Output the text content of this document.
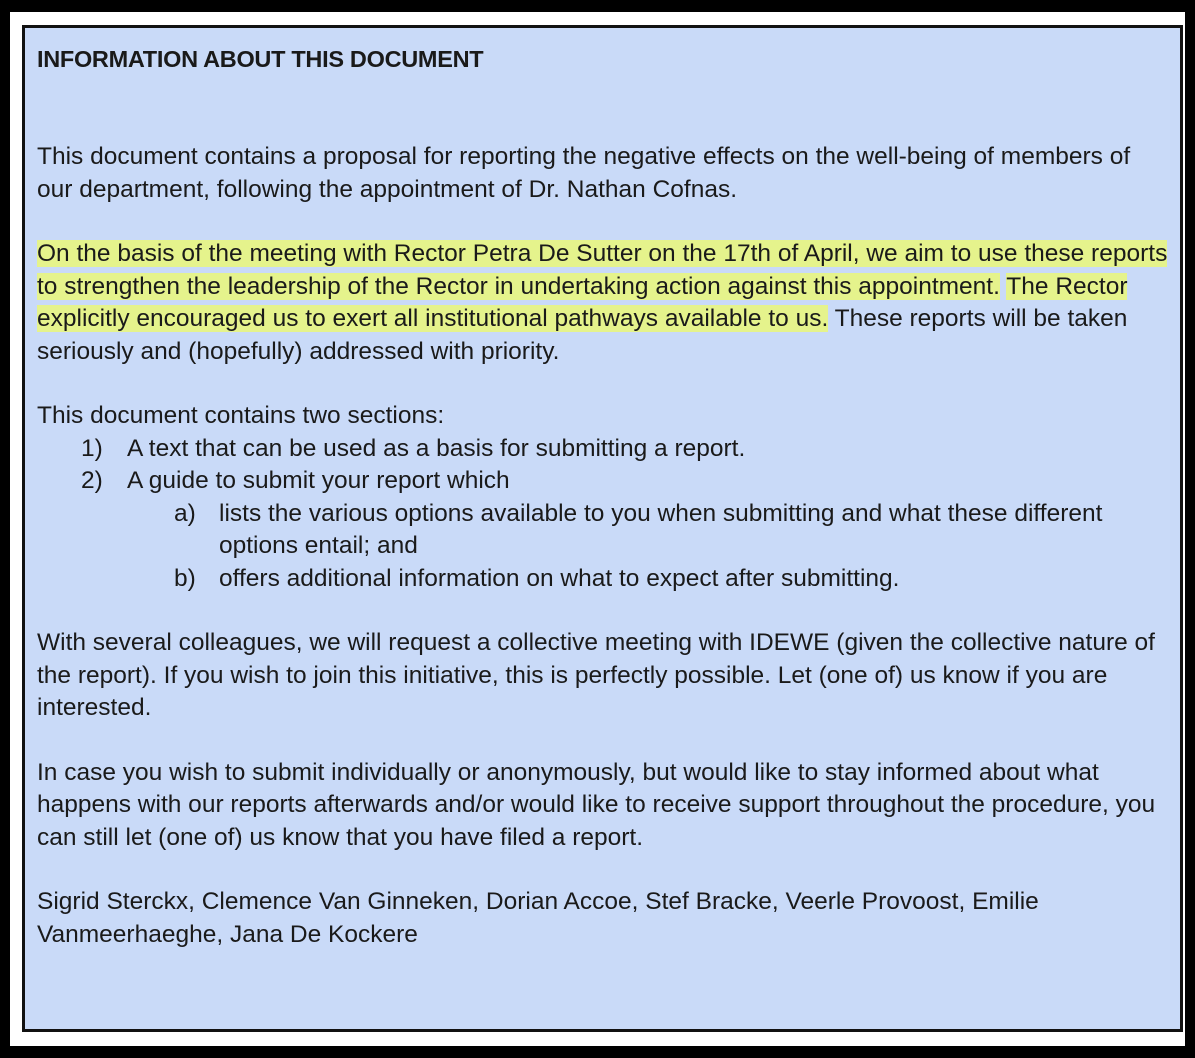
INFORMATION ABOUT THIS DOCUMENT
This document contains a proposal for reporting the negative effects on the well-being of members of our department, following the appointment of Dr. Nathan Cofnas.
On the basis of the meeting with Rector Petra De Sutter on the 17th of April, we aim to use these reports to strengthen the leadership of the Rector in undertaking action against this appointment. The Rector explicitly encouraged us to exert all institutional pathways available to us. These reports will be taken seriously and (hopefully) addressed with priority.
This document contains two sections:
1) A text that can be used as a basis for submitting a report.
2) A guide to submit your report which
a) lists the various options available to you when submitting and what these different options entail; and
b) offers additional information on what to expect after submitting.
With several colleagues, we will request a collective meeting with IDEWE (given the collective nature of the report). If you wish to join this initiative, this is perfectly possible. Let (one of) us know if you are interested.
In case you wish to submit individually or anonymously, but would like to stay informed about what happens with our reports afterwards and/or would like to receive support throughout the procedure, you can still let (one of) us know that you have filed a report.
Sigrid Sterckx, Clemence Van Ginneken, Dorian Accoe, Stef Bracke, Veerle Provoost, Emilie Vanmeerhaeghe, Jana De Kockere
